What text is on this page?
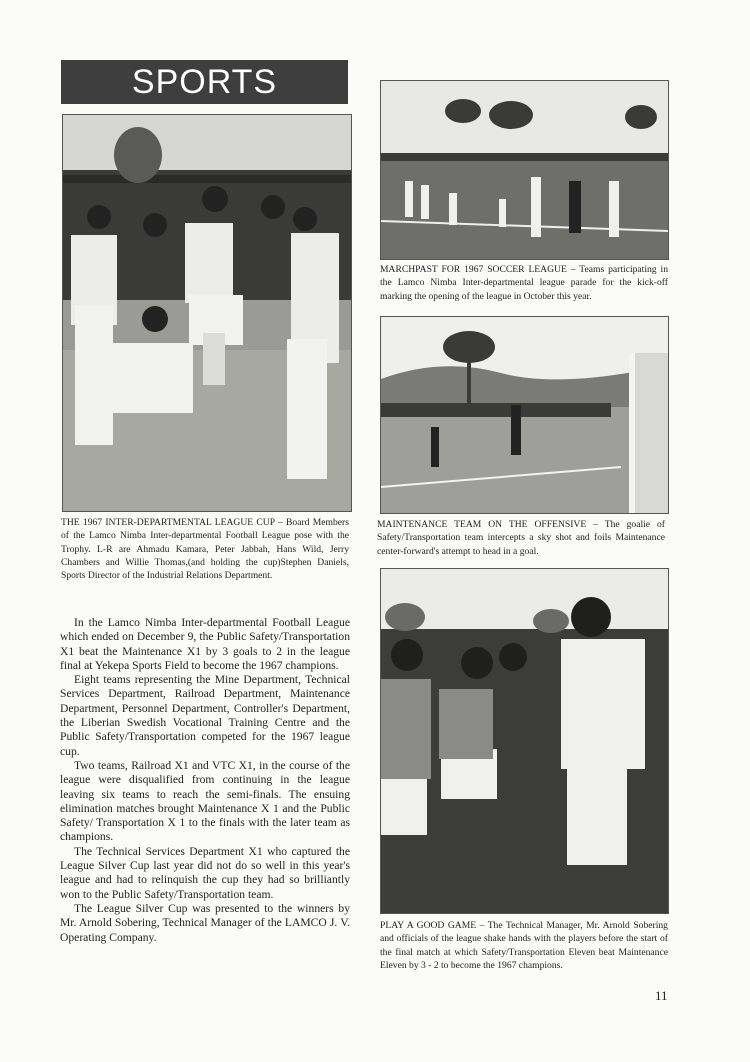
SPORTS
THE 1967 INTER-DEPARTMENTAL LEAGUE CUP – Board Members of the Lamco Nimba Inter-departmental Football League pose with the Trophy. L-R are Ahmadu Kamara, Peter Jabbah, Hans Wild, Jerry Chambers and Willie Thomas,(and holding the cup)Stephen Daniels, Sports Director of the Industrial Relations Department.
MARCHPAST FOR 1967 SOCCER LEAGUE – Teams participating in the Lamco Nimba Inter-departmental league parade for the kick-off marking the opening of the league in October this year.
MAINTENANCE TEAM ON THE OFFENSIVE – The goalie of Safety/Transportation team intercepts a sky shot and foils Maintenance center-forward's attempt to head in a goal.
PLAY A GOOD GAME – The Technical Manager, Mr. Arnold Sobering and officials of the league shake hands with the players before the start of the final match at which Safety/Transportation Eleven beat Maintenance Eleven by 3 - 2 to become the 1967 champions.

In the Lamco Nimba Inter-departmental Football League which ended on December 9, the Public Safety/Transportation X1 beat the Maintenance X1 by 3 goals to 2 in the league final at Yekepa Sports Field to become the 1967 champions.

Eight teams representing the Mine Department, Technical Services Department, Railroad Department, Maintenance Department, Personnel Department, Controller's Department, the Liberian Swedish Vocational Training Centre and the Public Safety/Transportation competed for the 1967 league cup.

Two teams, Railroad X1 and VTC X1, in the course of the league were disqualified from continuing in the league leaving six teams to reach the semi-finals. The ensuing elimination matches brought Maintenance X 1 and the Public Safety/ Transportation X 1 to the finals with the later team as champions.

The Technical Services Department X1 who captured the League Silver Cup last year did not do so well in this year's league and had to relinquish the cup they had so brilliantly won to the Public Safety/Transportation team.

The League Silver Cup was presented to the winners by Mr. Arnold Sobering, Technical Manager of the LAMCO J. V. Operating Company.

11
